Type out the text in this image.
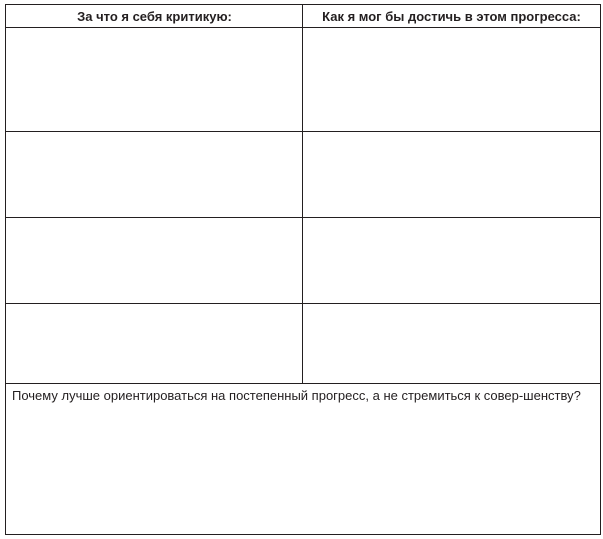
За что я себя критикую:	Как я мог бы достичь в этом прогресса:
Почему лучше ориентироваться на постепенный прогресс, а не стремиться к совер-шенству?
